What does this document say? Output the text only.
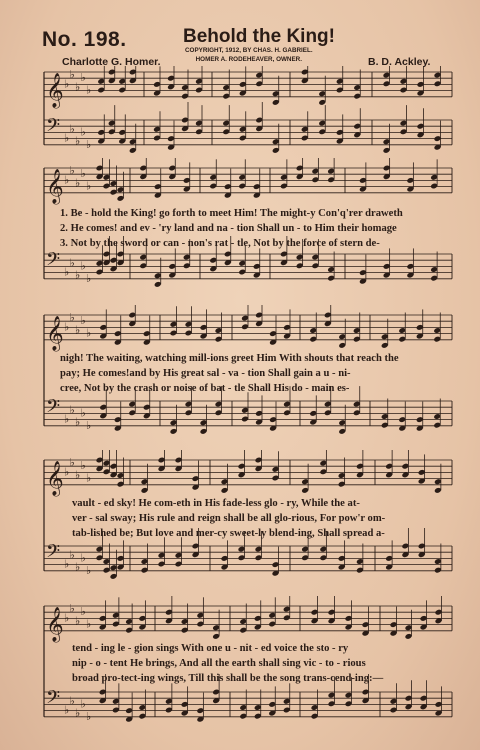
No. 198.	Behold the King!
COPYRIGHT, 1912, BY CHAS. H. GABRIEL.
HOMER A. RODEHEAVER, OWNER.
Charlotte G. Homer.	B. D. Ackley.
𝄞 ♭
♭
♭
♭
♭
𝄢 ♭
♭
♭
♭
♭
𝄞 ♭
♭
♭
♭
♭
𝄢 ♭
♭
♭
♭
♭
𝄞 ♭
♭
♭
♭
♭
𝄢 ♭
♭
♭
♭
♭
𝄞 ♭
♭
♭
♭
♭
𝄢 ♭
♭
♭
♭
♭
𝄞 ♭
♭
♭
♭
♭
𝄢 ♭
♭
♭
♭
♭
1. Be - hold the King! go forth to meet Him! The might-y Con'q'rer draweth
2. He comes! and ev - 'ry land and na - tion Shall un - to Him their homage
3. Not by the sword or can - non's rat - tle, Not by the force of stern de-
nigh! The waiting, watching mill-ions greet Him With shouts that reach the
pay; He comes!and by His great sal - va - tion Shall gain a u - ni-
cree, Not by the crash or noise of bat - tle Shall His do - main es-
vault - ed sky! He com-eth in His fade-less glo - ry, While the at-
ver - sal sway; His rule and reign shall be all glo-rious, For pow'r om-
tab-lished be; But love and mer-cy sweet-ly blend-ing, Shall spread a-
tend - ing le - gion sings With one u - nit - ed voice the sto - ry
nip - o - tent He brings, And all the earth shall sing vic - to - rious
broad pro-tect-ing wings, Till this shall be the song trans-cend-ing:—
